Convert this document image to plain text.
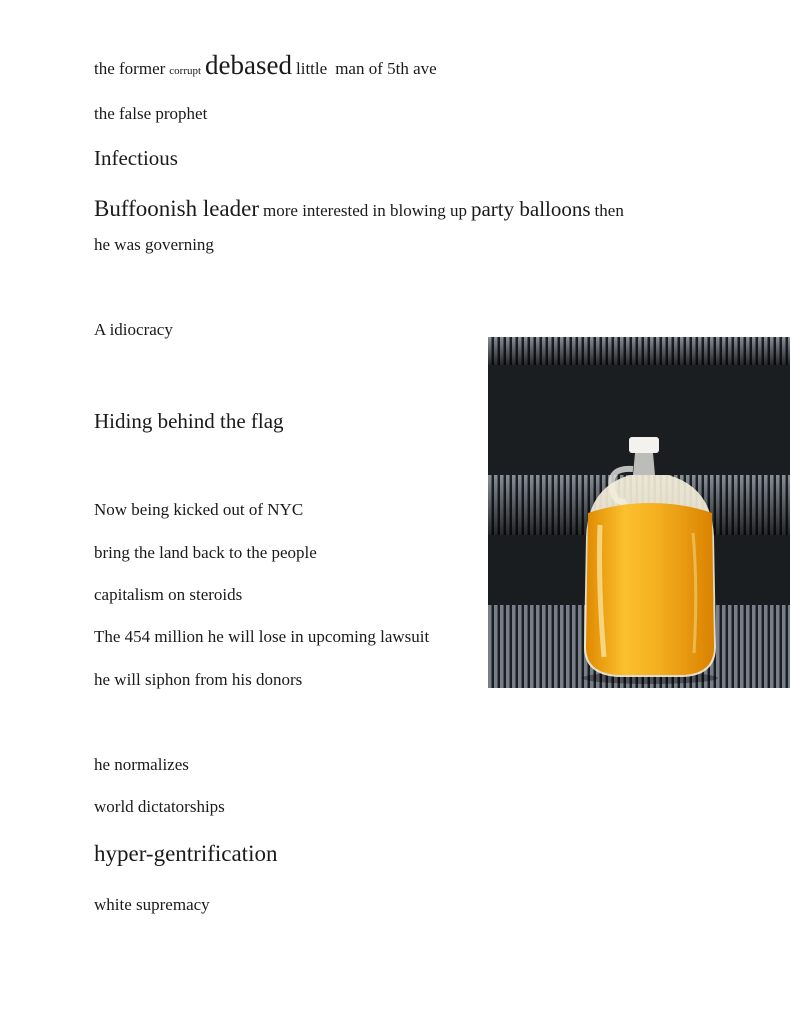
the former corrupt debased little man of 5th ave

the false prophet

Infectious

Buffoonish leader more interested in blowing up party balloons then

he was governing

A idiocracy

Hiding behind the flag

Now being kicked out of NYC

bring the land back to the people

capitalism on steroids

The 454 million he will lose in upcoming lawsuit

he will siphon from his donors

he normalizes

world dictatorships

hyper-gentrification

white supremacy
